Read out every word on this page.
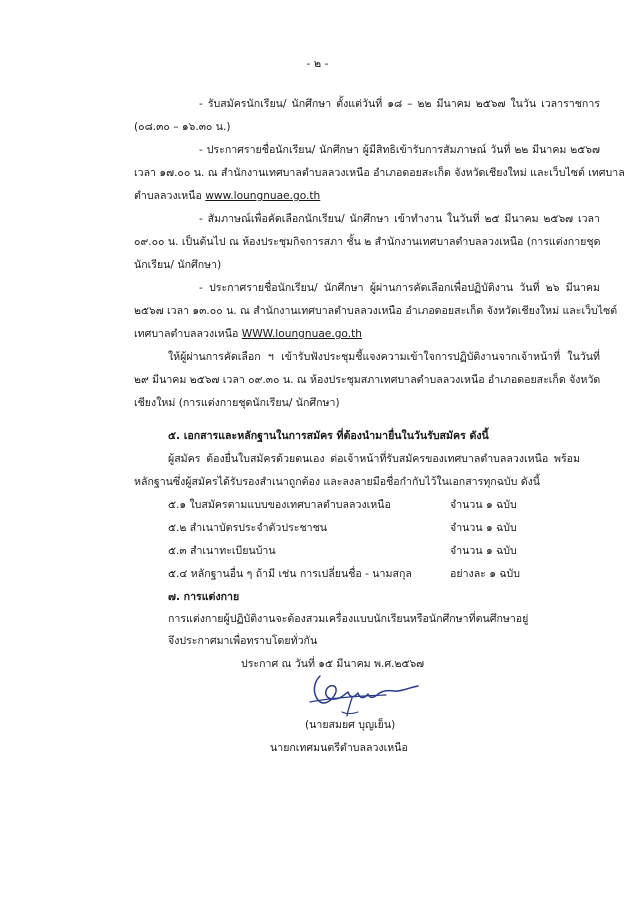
- ๒ -

- รับสมัครนักเรียน/ นักศึกษา ตั้งแต่วันที่ ๑๘ – ๒๒ มีนาคม ๒๕๖๗ ในวัน เวลาราชการ

(๐๘.๓๐ – ๑๖.๓๐ น.)

- ประกาศรายชื่อนักเรียน/ นักศึกษา ผู้มีสิทธิเข้ารับการสัมภาษณ์ วันที่ ๒๒ มีนาคม ๒๕๖๗

เวลา ๑๗.๐๐ น. ณ สำนักงานเทศบาลตำบลลวงเหนือ อำเภอดอยสะเก็ด จังหวัดเชียงใหม่ และเว็บไซต์ เทศบาล

ตำบลลวงเหนือ www.loungnuae.go.th

- สัมภาษณ์เพื่อคัดเลือกนักเรียน/ นักศึกษา เข้าทำงาน ในวันที่ ๒๕ มีนาคม ๒๕๖๗ เวลา

๐๙.๐๐ น. เป็นต้นไป ณ ห้องประชุมกิจการสภา ชั้น ๒ สำนักงานเทศบาลตำบลลวงเหนือ (การแต่งกายชุด

นักเรียน/ นักศึกษา)

- ประกาศรายชื่อนักเรียน/ นักศึกษา ผู้ผ่านการคัดเลือกเพื่อปฏิบัติงาน วันที่ ๒๖ มีนาคม

๒๕๖๗ เวลา ๑๓.๐๐ น. ณ สำนักงานเทศบาลตำบลลวงเหนือ อำเภอดอยสะเก็ด จังหวัดเชียงใหม่ และเว็บไซต์

เทศบาลตำบลลวงเหนือ WWW.loungnuae.go.th

ให้ผู้ผ่านการคัดเลือก ฯ เข้ารับฟังประชุมชี้แจงความเข้าใจการปฏิบัติงานจากเจ้าหน้าที่ ในวันที่

๒๙ มีนาคม ๒๕๖๗ เวลา ๐๙.๓๐ น. ณ ห้องประชุมสภาเทศบาลตำบลลวงเหนือ อำเภอดอยสะเก็ด จังหวัด

เชียงใหม่ (การแต่งกายชุดนักเรียน/ นักศึกษา)

๕. เอกสารและหลักฐานในการสมัคร ที่ต้องนำมายื่นในวันรับสมัคร ดังนี้

ผู้สมัคร ต้องยื่นใบสมัครด้วยตนเอง ต่อเจ้าหน้าที่รับสมัครของเทศบาลตำบลลวงเหนือ พร้อม

หลักฐานซึ่งผู้สมัครได้รับรองสำเนาถูกต้อง และลงลายมือชื่อกำกับไว้ในเอกสารทุกฉบับ ดังนี้

๕.๑ ใบสมัครตามแบบของเทศบาลตำบลลวงเหนือ	จำนวน ๑ ฉบับ
๕.๒ สำเนาบัตรประจำตัวประชาชน	จำนวน ๑ ฉบับ
๕.๓ สำเนาทะเบียนบ้าน	จำนวน ๑ ฉบับ
๕.๔ หลักฐานอื่น ๆ ถ้ามี เช่น การเปลี่ยนชื่อ - นามสกุล	อย่างละ ๑ ฉบับ

๗. การแต่งกาย

การแต่งกายผู้ปฏิบัติงานจะต้องสวมเครื่องแบบนักเรียนหรือนักศึกษาที่ตนศึกษาอยู่

จึงประกาศมาเพื่อทราบโดยทั่วกัน

ประกาศ ณ วันที่ ๑๕ มีนาคม พ.ศ.๒๕๖๗

(นายสมยศ บุญเย็น)

นายกเทศมนตรีตำบลลวงเหนือ
